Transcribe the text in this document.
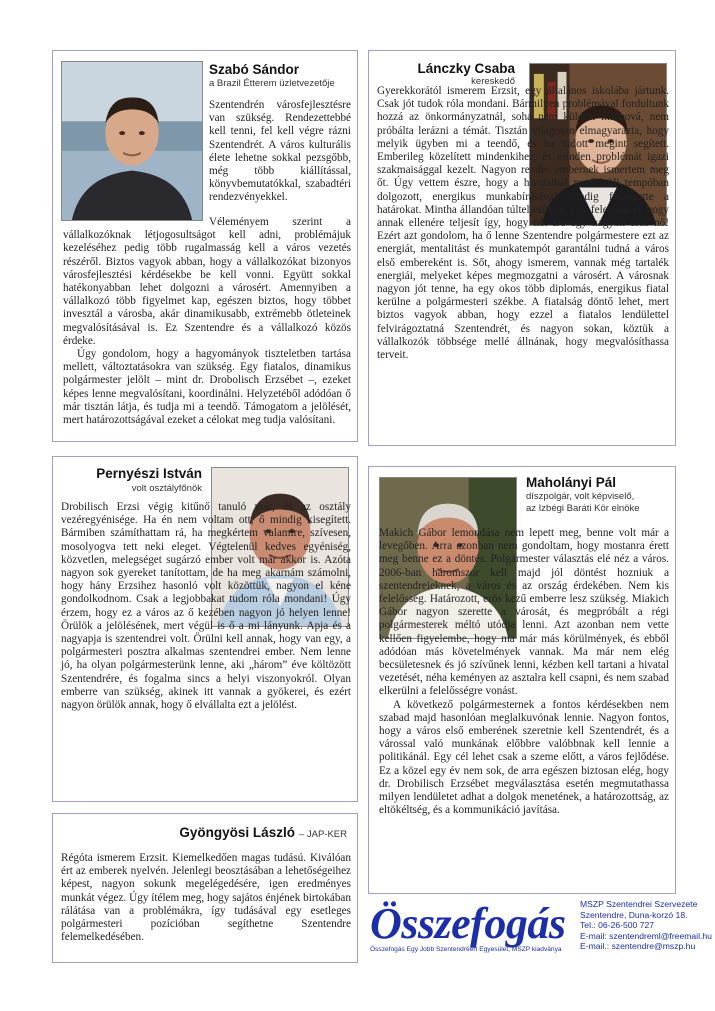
Szabó Sándor
a Brazil Étterem üzletvezetője

Szentendrén városfejlesztésre van szükség. Rendezettebbé kell tenni, fel kell végre rázni Szentendrét. A város kulturális élete lehetne sokkal pezsgőbb, még több kiállítással, könyvbemutatókkal, szabadtéri rendezvényekkel.

Véleményem szerint a vállalkozóknak létjogosultságot kell adni, problémájuk kezeléséhez pedig több rugalmasság kell a város vezetés részéről. Biztos vagyok abban, hogy a vállalkozókat bizonyos városfejlesztési kérdésekbe be kell vonni. Együtt sokkal hatékonyabban lehet dolgozni a városért. Amennyiben a vállalkozó több figyelmet kap, egészen biztos, hogy többet invesztál a városba, akár dinamikusabb, extrémebb ötleteinek megvalósításával is. Ez Szentendre és a vállalkozó közös érdeke.

Úgy gondolom, hogy a hagyományok tiszteletben tartása mellett, változtatásokra van szükség. Egy fiatalos, dinamikus polgármester jelölt – mint dr. Drobolisch Erzsébet –, ezeket képes lenne megvalósítani, koordinálni. Helyzetéből adódóan ő már tisztán látja, és tudja mi a teendő. Támogatom a jelölését, mert határozottságával ezeket a célokat meg tudja valósítani.

Lánczky Csaba
kereskedő

Gyerekkorától ismerem Erzsit, egy általános iskolába jártunk. Csak jót tudok róla mondani. Bármilyen problémával fordultunk hozzá az önkormányzatnál, soha nem küldött máshová, nem próbálta lerázni a témát. Tisztán világosan elmagyarázta, hogy melyik ügyben mi a teendő, és ha tudott megint segített. Emberileg közelített mindenkihez, és minden problémát igazi szakmaisággal kezelt. Nagyon rendes embernek ismertem meg őt. Úgy vettem észre, hogy a hivatalnál rendkívüli tempóban dolgozott, energikus munkabírásával mindig feszegette a határokat. Mintha állandóan túlteljesítene, s ne felejtsük el, hogy annak ellenére teljesít így, hogy nő. De egy nagyon erős nő! Ezért azt gondolom, ha ő lenne Szentendre polgármestere ezt az energiát, mentalitást és munkatempót garantálni tudná a város első embereként is. Sőt, ahogy ismerem, vannak még tartalék energiái, melyeket képes megmozgatni a városért. A városnak nagyon jót tenne, ha egy okos több diplomás, energikus fiatal kerülne a polgármesteri székbe. A fiatalság döntő lehet, mert biztos vagyok abban, hogy ezzel a fiatalos lendülettel felvirágoztatná Szentendrét, és nagyon sokan, köztük a vállalkozók többsége mellé állnának, hogy megvalósíthassa terveit.

Pernyészi István
volt osztályfőnök

Drobilisch Erzsi végig kitűnő tanuló volt, és az osztály vezéregyénisége. Ha én nem voltam ott, ő mindig kisegített. Bármiben számíthattam rá, ha megkértem valamire, szívesen, mosolyogva tett neki eleget. Végtelenül kedves egyéniség, közvetlen, melegséget sugárzó ember volt már akkor is. Azóta nagyon sok gyereket tanítottam, de ha meg akarnám számolni, hogy hány Erzsihez hasonló volt közöttük, nagyon el kéne gondolkodnom. Csak a legjobbakat tudom róla mondani! Úgy érzem, hogy ez a város az ő kezében nagyon jó helyen lenne! Örülök a jelölésének, mert végül is ő a mi lányunk. Apja és a nagyapja is szentendrei volt. Örülni kell annak, hogy van egy, a polgármesteri posztra alkalmas szentendrei ember. Nem lenne jó, ha olyan polgármesterünk lenne, aki „három” éve költözött Szentendrére, és fogalma sincs a helyi viszonyokról. Olyan emberre van szükség, akinek itt vannak a gyökerei, és ezért nagyon örülök annak, hogy ő elvállalta ezt a jelölést.

Maholányi Pál
díszpolgár, volt képviselő,
az Izbégi Baráti Kör elnöke

Makich Gábor lemondása nem lepett meg, benne volt már a levegőben. Arra azonban nem gondoltam, hogy mostanra érett meg benne ez a döntés. Polgármester választás elé néz a város. 2006-ban háromszor kell majd jól döntést hozniuk a szentendreieknek, a város és az ország érdekében. Nem kis felelősség. Határozott, erős kezű emberre lesz szükség. Miakich Gábor nagyon szerette a városát, és megpróbált a régi polgármesterek méltó utódja lenni. Azt azonban nem vette kellően figyelembe, hogy ma már más körülmények, és ebből adódóan más követelmények vannak. Ma már nem elég becsületesnek és jó szívűnek lenni, kézben kell tartani a hivatal vezetését, néha keményen az asztalra kell csapni, és nem szabad elkerülni a felelősségre vonást.

A következő polgármesternek a fontos kérdésekben nem szabad majd hasonlóan meglalkuvónak lennie. Nagyon fontos, hogy a város első emberének szeretnie kell Szentendrét, és a várossal való munkának előbbre valóbbnak kell lennie a politikánál. Egy cél lehet csak a szeme előtt, a város fejlődése. Ez a közel egy év nem sok, de arra egészen biztosan elég, hogy dr. Drobilisch Erzsébet megválasztása esetén megmutathassa milyen lendületet adhat a dolgok menetének, a határozottság, az eltökéltség, és a kommunikáció javítása.

Gyöngyösi László – JAP-KER

Régóta ismerem Erzsit. Kiemelkedően magas tudású. Kiválóan ért az emberek nyelvén. Jelenlegi beosztásában a lehetőségeihez képest, nagyon sokunk megelégedésére, igen eredményes munkát végez. Úgy ítélem meg, hogy sajátos énjének birtokában rálátása van a problémákra, így tudásával egy esetleges polgármesteri pozícióban segíthetne Szentendre felemelkedésében.	Összefogás
Összefogás Egy Jobb Szentendréért Egyesület, MSZP kiadványa
MSZP Szentendrei Szervezete
Szentendre, Duna-korzó 18.
Tel.: 06-26-500 727
E-mail: szentendreml@freemail.hu
E-mail.: szentendre@mszp.hu
